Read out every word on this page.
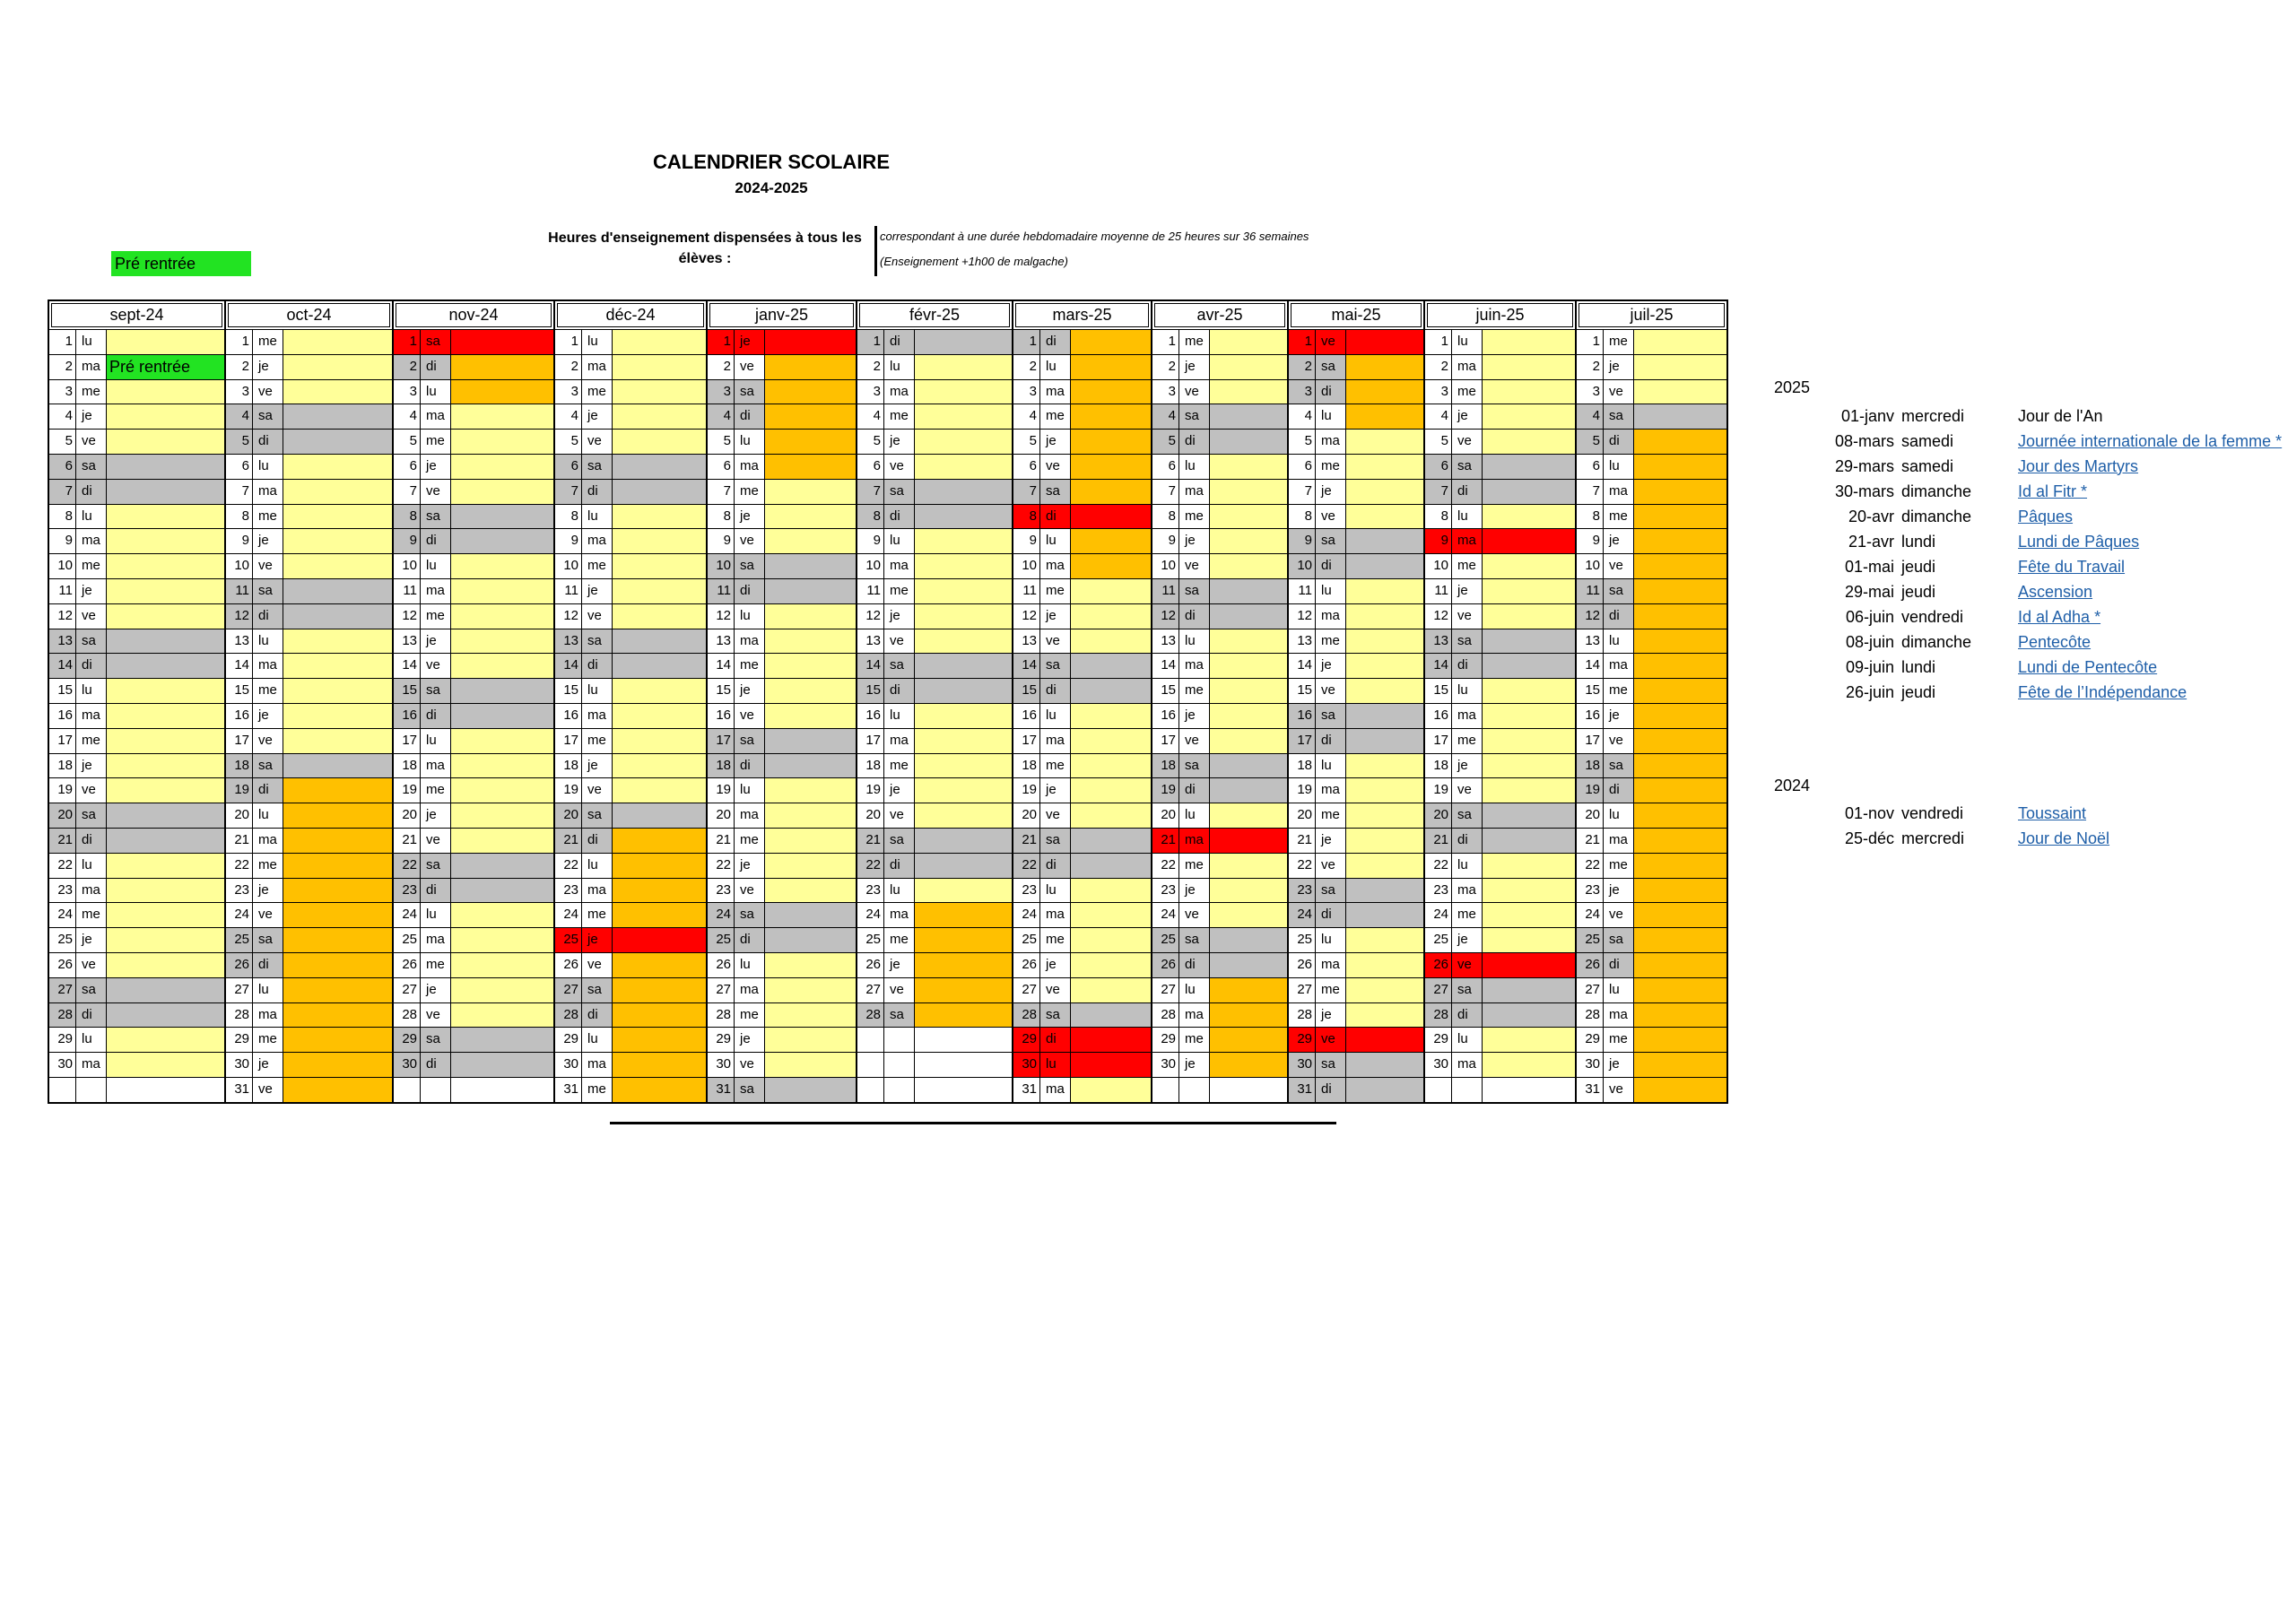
CALENDRIER SCOLAIRE
2024-2025
Heures d'enseignement dispensées à tous les élèves :
correspondant à une durée hebdomadaire moyenne de 25 heures sur 36 semaines
(Enseignement +1h00 de malgache)
Pré rentrée
sept-24
1 lu
2 ma Pré rentrée
3 me
4 je
5 ve
6 sa
7 di
8 lu
9 ma
10 me
11 je
12 ve
13 sa
14 di
15 lu
16 ma
17 me
18 je
19 ve
20 sa
21 di
22 lu
23 ma
24 me
25 je
26 ve
27 sa
28 di
29 lu
30 ma
oct-24
1 me
2 je
3 ve
4 sa
5 di
6 lu
7 ma
8 me
9 je
10 ve
11 sa
12 di
13 lu
14 ma
15 me
16 je
17 ve
18 sa
19 di
20 lu
21 ma
22 me
23 je
24 ve
25 sa
26 di
27 lu
28 ma
29 me
30 je
31 ve
nov-24
1 sa
2 di
3 lu
4 ma
5 me
6 je
7 ve
8 sa
9 di
10 lu
11 ma
12 me
13 je
14 ve
15 sa
16 di
17 lu
18 ma
19 me
20 je
21 ve
22 sa
23 di
24 lu
25 ma
26 me
27 je
28 ve
29 sa
30 di
déc-24
1 lu
2 ma
3 me
4 je
5 ve
6 sa
7 di
8 lu
9 ma
10 me
11 je
12 ve
13 sa
14 di
15 lu
16 ma
17 me
18 je
19 ve
20 sa
21 di
22 lu
23 ma
24 me
25 je
26 ve
27 sa
28 di
29 lu
30 ma
31 me
janv-25
1 je
2 ve
3 sa
4 di
5 lu
6 ma
7 me
8 je
9 ve
10 sa
11 di
12 lu
13 ma
14 me
15 je
16 ve
17 sa
18 di
19 lu
20 ma
21 me
22 je
23 ve
24 sa
25 di
26 lu
27 ma
28 me
29 je
30 ve
31 sa
févr-25
1 di
2 lu
3 ma
4 me
5 je
6 ve
7 sa
8 di
9 lu
10 ma
11 me
12 je
13 ve
14 sa
15 di
16 lu
17 ma
18 me
19 je
20 ve
21 sa
22 di
23 lu
24 ma
25 me
26 je
27 ve
28 sa
mars-25
1 di
2 lu
3 ma
4 me
5 je
6 ve
7 sa
8 di
9 lu
10 ma
11 me
12 je
13 ve
14 sa
15 di
16 lu
17 ma
18 me
19 je
20 ve
21 sa
22 di
23 lu
24 ma
25 me
26 je
27 ve
28 sa
29 di
30 lu
31 ma
avr-25
1 me
2 je
3 ve
4 sa
5 di
6 lu
7 ma
8 me
9 je
10 ve
11 sa
12 di
13 lu
14 ma
15 me
16 je
17 ve
18 sa
19 di
20 lu
21 ma
22 me
23 je
24 ve
25 sa
26 di
27 lu
28 ma
29 me
30 je
mai-25
1 ve
2 sa
3 di
4 lu
5 ma
6 me
7 je
8 ve
9 sa
10 di
11 lu
12 ma
13 me
14 je
15 ve
16 sa
17 di
18 lu
19 ma
20 me
21 je
22 ve
23 sa
24 di
25 lu
26 ma
27 me
28 je
29 ve
30 sa
31 di
juin-25
1 lu
2 ma
3 me
4 je
5 ve
6 sa
7 di
8 lu
9 ma
10 me
11 je
12 ve
13 sa
14 di
15 lu
16 ma
17 me
18 je
19 ve
20 sa
21 di
22 lu
23 ma
24 me
25 je
26 ve
27 sa
28 di
29 lu
30 ma
juil-25
1 me
2 je
3 ve
4 sa
5 di
6 lu
7 ma
8 me
9 je
10 ve
11 sa
12 di
13 lu
14 ma
15 me
16 je
17 ve
18 sa
19 di
20 lu
21 ma
22 me
23 je
24 ve
25 sa
26 di
27 lu
28 ma
29 me
30 je
31 ve
2025
01-janv mercredi	Jour de l'An
08-mars samedi	Journée internationale de la femme *
29-mars samedi	Jour des Martyrs
30-mars dimanche	Id al Fitr *
20-avr dimanche	Pâques
21-avr lundi	Lundi de Pâques
01-mai jeudi	Fête du Travail
29-mai jeudi	Ascension
06-juin vendredi	Id al Adha *
08-juin dimanche	Pentecôte
09-juin lundi	Lundi de Pentecôte
26-juin jeudi	Fête de l’Indépendance
2024
01-nov vendredi	Toussaint
25-déc mercredi	Jour de Noël
